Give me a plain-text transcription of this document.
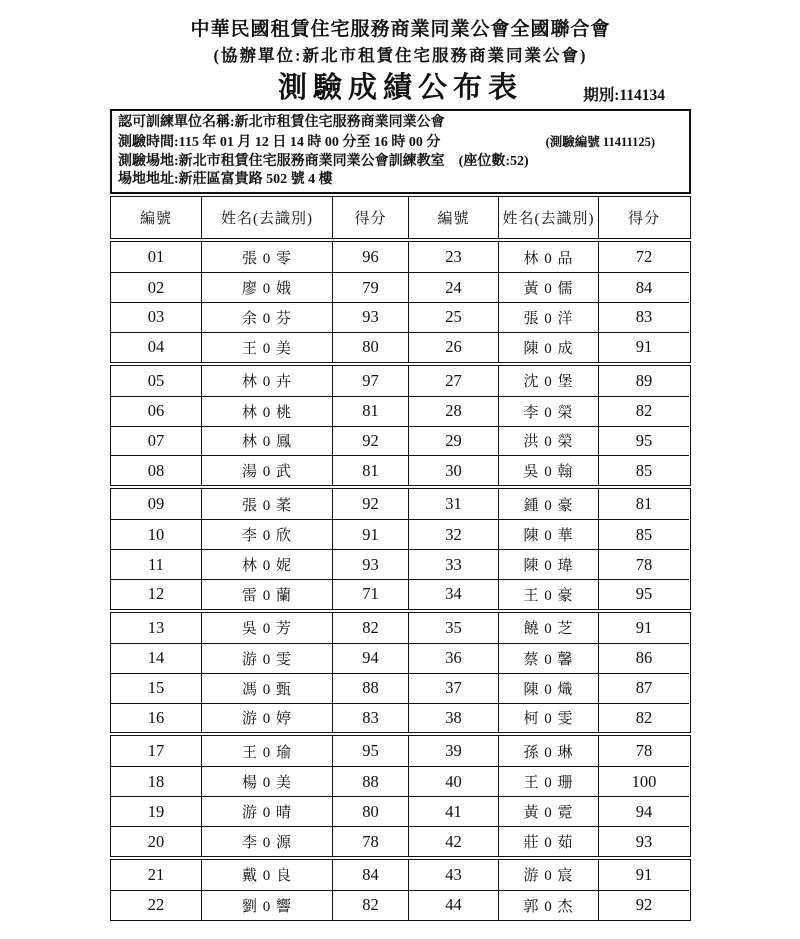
中華民國租賃住宅服務商業同業公會全國聯合會
(協辦單位:新北市租賃住宅服務商業同業公會)
測驗成績公布表	期別:114134
認可訓練單位名稱:新北市租賃住宅服務商業同業公會
測驗時間:115 年 01 月 12 日 14 時 00 分至 16 時 00 分	(測驗編號 11411125)
測驗場地:新北市租賃住宅服務商業同業公會訓練教室 (座位數:52)
場地地址:新莊區富貴路 502 號 4 樓
編號	姓名(去識別)	得分	編號	姓名(去識別)	得分
01	張 0 零	96	23	林 0 品	72
02	廖 0 娥	79	24	黃 0 儒	84
03	余 0 芬	93	25	張 0 洋	83
04	王 0 美	80	26	陳 0 成	91
05	林 0 卉	97	27	沈 0 堡	89
06	林 0 桃	81	28	李 0 榮	82
07	林 0 鳳	92	29	洪 0 榮	95
08	湯 0 武	81	30	吳 0 翰	85
09	張 0 葇	92	31	鍾 0 豪	81
10	李 0 欣	91	32	陳 0 華	85
11	林 0 妮	93	33	陳 0 瑋	78
12	雷 0 蘭	71	34	王 0 豪	95
13	吳 0 芳	82	35	饒 0 芝	91
14	游 0 雯	94	36	蔡 0 馨	86
15	馮 0 甄	88	37	陳 0 熾	87
16	游 0 婷	83	38	柯 0 雯	82
17	王 0 瑜	95	39	孫 0 琳	78
18	楊 0 美	88	40	王 0 珊	100
19	游 0 晴	80	41	黃 0 霓	94
20	李 0 源	78	42	莊 0 茹	93
21	戴 0 良	84	43	游 0 宸	91
22	劉 0 響	82	44	郭 0 杰	92
